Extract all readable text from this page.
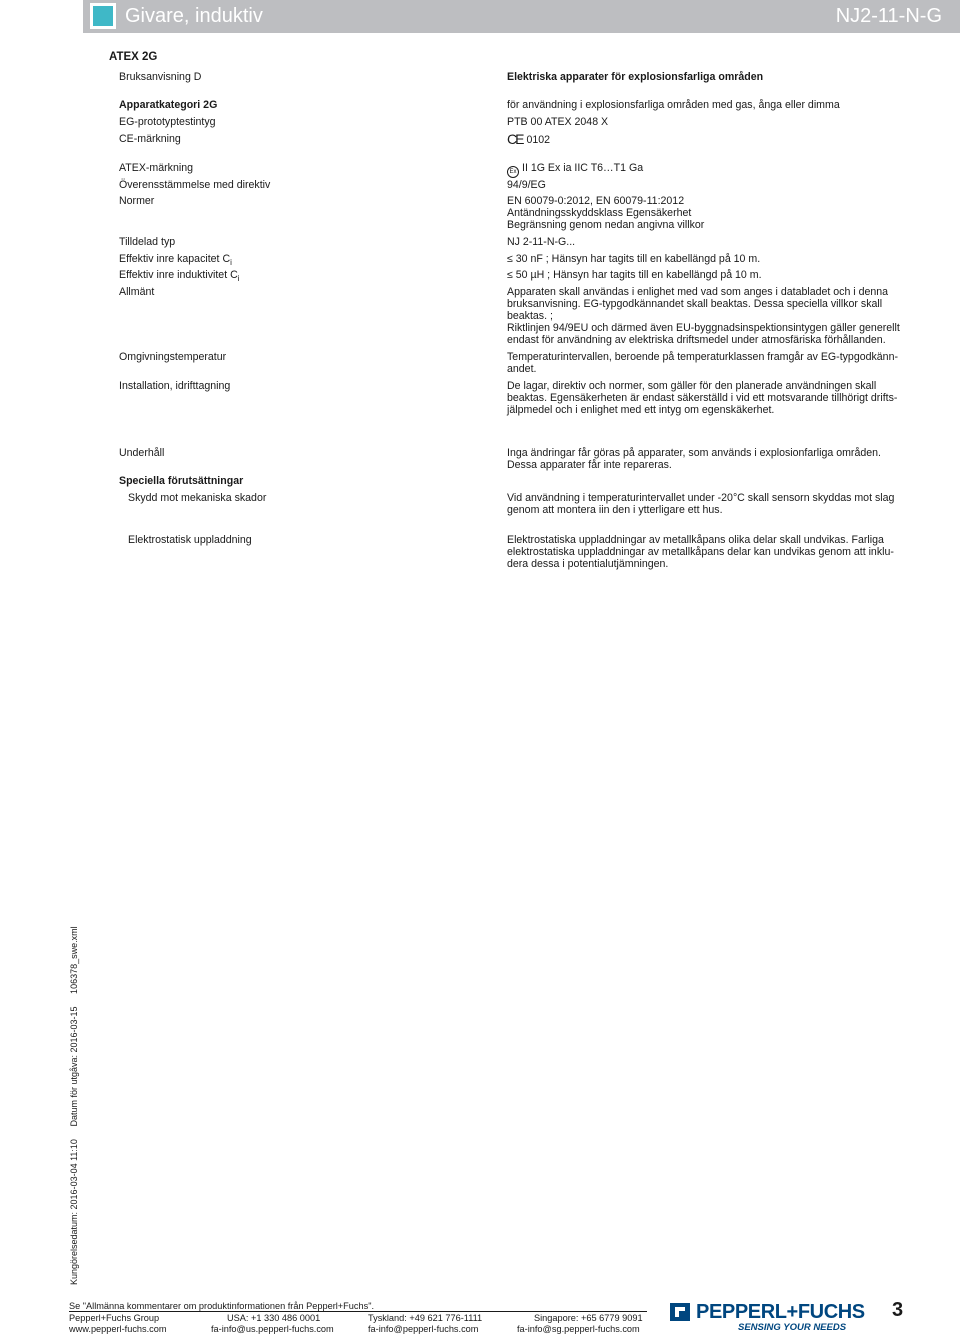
Givare, induktiv	NJ2-11-N-G
ATEX 2G
Bruksanvisning D	Elektriska apparater för explosionsfarliga områden
Apparatkategori 2G	för användning i explosionsfarliga områden med gas, ånga eller dimma
EG-prototyptestintyg	PTB 00 ATEX 2048 X
CE-märkning	CE 0102
ATEX-märkning	Ex II 1G Ex ia IIC T6…T1 Ga
Överensstämmelse med direktiv	94/9/EG
Normer	EN 60079-0:2012, EN 60079-11:2012
Antändningsskyddsklass Egensäkerhet
Begränsning genom nedan angivna villkor
Tilldelad typ	NJ 2-11-N-G...
Effektiv inre kapacitet $C_i$	≤ 30 nF ; Hänsyn har tagits till en kabellängd på 10 m.
Effektiv inre induktivitet $C_i$	≤ 50 µH ; Hänsyn har tagits till en kabellängd på 10 m.
Allmänt	Apparaten skall användas i enlighet med vad som anges i databladet och i denna
bruksanvisning. EG-typgodkännandet skall beaktas. Dessa speciella villkor skall
beaktas. ;
Riktlinjen 94/9EU och därmed även EU-byggnadsinspektionsintygen gäller generellt
endast för användning av elektriska driftsmedel under atmosfäriska förhållanden.
Omgivningstemperatur	Temperaturintervallen, beroende på temperaturklassen framgår av EG-typgodkänn-
andet.
Installation, idrifttagning	De lagar, direktiv och normer, som gäller för den planerade användningen skall
beaktas. Egensäkerheten är endast säkerställd i vid ett motsvarande tillhörigt drifts-
jälpmedel och i enlighet med ett intyg om egenskäkerhet.
Underhåll	Inga ändringar får göras på apparater, som används i explosionfarliga områden.
Dessa apparater får inte repareras.
Speciella förutsättningar
Skydd mot mekaniska skador	Vid användning i temperaturintervallet under -20°C skall sensorn skyddas mot slag
genom att montera iin den i ytterligare ett hus.
Elektrostatisk uppladdning	Elektrostatiska uppladdningar av metallkåpans olika delar skall undvikas. Farliga
elektrostatiska uppladdningar av metallkåpans delar kan undvikas genom att inklu-
dera dessa i potentialutjämningen.
Kungörelsedatum: 2016-03-04 11:10 Datum för utgåva: 2016-03-15 106378_swe.xml
Se "Allmänna kommentarer om produktinformationen från Pepperl+Fuchs".
Pepperl+Fuchs Group
www.pepperl-fuchs.com
USA: +1 330 486 0001
fa-info@us.pepperl-fuchs.com
Tyskland: +49 621 776-1111
fa-info@pepperl-fuchs.com
Singapore: +65 6779 9091
fa-info@sg.pepperl-fuchs.com
PEPPERL+FUCHS
SENSING YOUR NEEDS
3
